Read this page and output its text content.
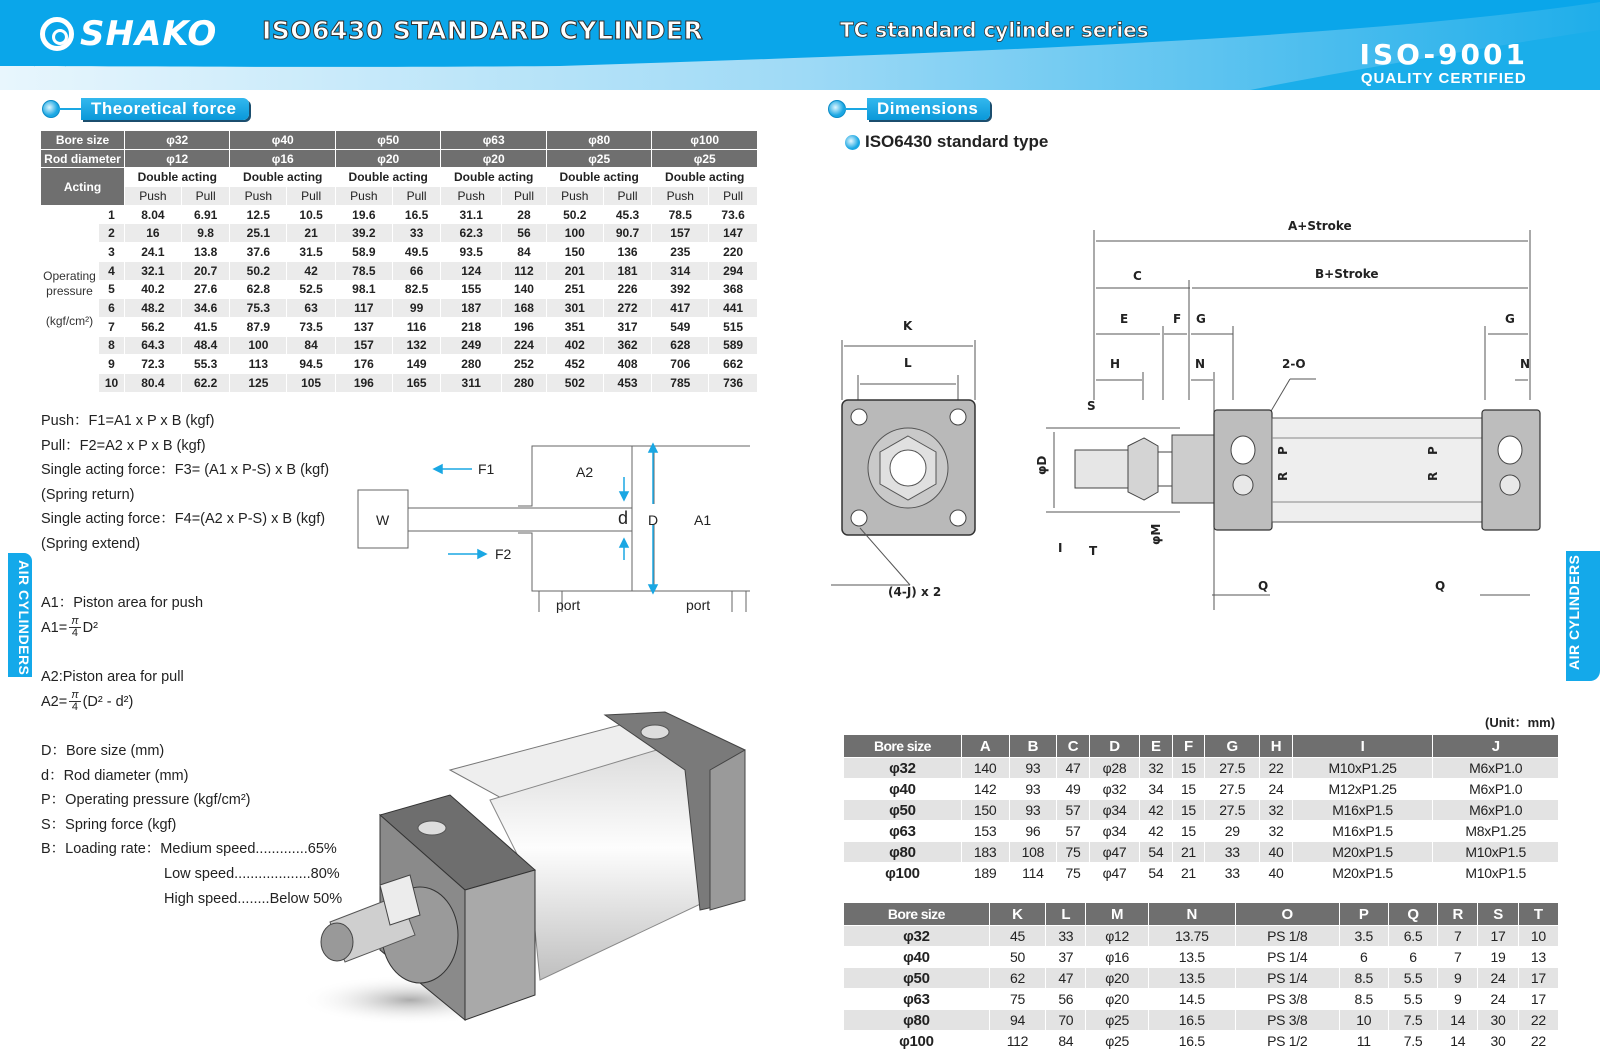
SHAKO ISO6430 STANDARD CYLINDER	TC standard cylinder series
ISO-9001
QUALITY CERTIFIED
Theoretical force
Bore size		φ32		φ40		φ50		φ63		φ80		φ100	
Rod diameter		φ12		φ16		φ20		φ20		φ25		φ25	
Acting		Double acting		Double acting		Double acting		Double acting		Double acting		Double acting	
		Push	Pull	Push	Pull	Push	Pull	Push	Pull	Push	Pull	Push	Pull
Operating pressure

(kgf/cm²)	1	8.04	6.91	12.5	10.5	19.6	16.5	31.1	28	50.2	45.3	78.5	73.6
	2	16	9.8	25.1	21	39.2	33	62.3	56	100	90.7	157	147
	3	24.1	13.8	37.6	31.5	58.9	49.5	93.5	84	150	136	235	220
	4	32.1	20.7	50.2	42	78.5	66	124	112	201	181	314	294
	5	40.2	27.6	62.8	52.5	98.1	82.5	155	140	251	226	392	368
	6	48.2	34.6	75.3	63	117	99	187	168	301	272	417	441
	7	56.2	41.5	87.9	73.5	137	116	218	196	351	317	549	515
	8	64.3	48.4	100	84	157	132	249	224	402	362	628	589
	9	72.3	55.3	113	94.5	176	149	280	252	452	408	706	662
	10	80.4	62.2	125	105	196	165	311	280	502	453	785	736
Push：F1=A1 x P x B (kgf)
Pull：F2=A2 x P x B (kgf)
Single acting force：F3= (A1 x P-S) x B (kgf)
(Spring return)
Single acting force：F4=(A2 x P-S) x B (kgf)
(Spring extend)
A1：Piston area for push
$A1= \frac{\pi}{4} D^2$
A2:Piston area for pull
$A2= \frac{\pi}{4} (D^2 - d^2)$
D：Bore size (mm)
d：Rod diameter (mm)
P：Operating pressure (kgf/cm²)
S：Spring force (kgf)
B：Loading rate：Medium speed.............65%
Low speed...................80%
High speed........Below 50%
W
F1
F2
A2
A1
d D
port	port
Dimensions
ISO6430 standard type
A+Stroke
B+Stroke
C
E	F G	G
H	N	N
2-O
K
L
S
T
I
φD
φM
P
R
P
R
Q	Q
(4-J) x 2
(Unit：mm)
Bore size	A	B	C	D	E	F	G	H	I	J
φ32	140	93	47	φ28	32	15	27.5	22	M10xP1.25	M6xP1.0
φ40	142	93	49	φ32	34	15	27.5	24	M12xP1.25	M6xP1.0
φ50	150	93	57	φ34	42	15	27.5	32	M16xP1.5	M6xP1.0
φ63	153	96	57	φ34	42	15	29	32	M16xP1.5	M8xP1.25
φ80	183	108	75	φ47	54	21	33	40	M20xP1.5	M10xP1.5
φ100	189	114	75	φ47	54	21	33	40	M20xP1.5	M10xP1.5
Bore size	K	L	M	N	O	P	Q	R	S	T
φ32	45	33	φ12	13.75	PS 1/8	3.5	6.5	7	17	10
φ40	50	37	φ16	13.5	PS 1/4	6	6	7	19	13
φ50	62	47	φ20	13.5	PS 1/4	8.5	5.5	9	24	17
φ63	75	56	φ20	14.5	PS 3/8	8.5	5.5	9	24	17
φ80	94	70	φ25	16.5	PS 3/8	10	7.5	14	30	22
φ100	112	84	φ25	16.5	PS 1/2	11	7.5	14	30	22
AIR CYLINDERS	AIR CYLINDERS
